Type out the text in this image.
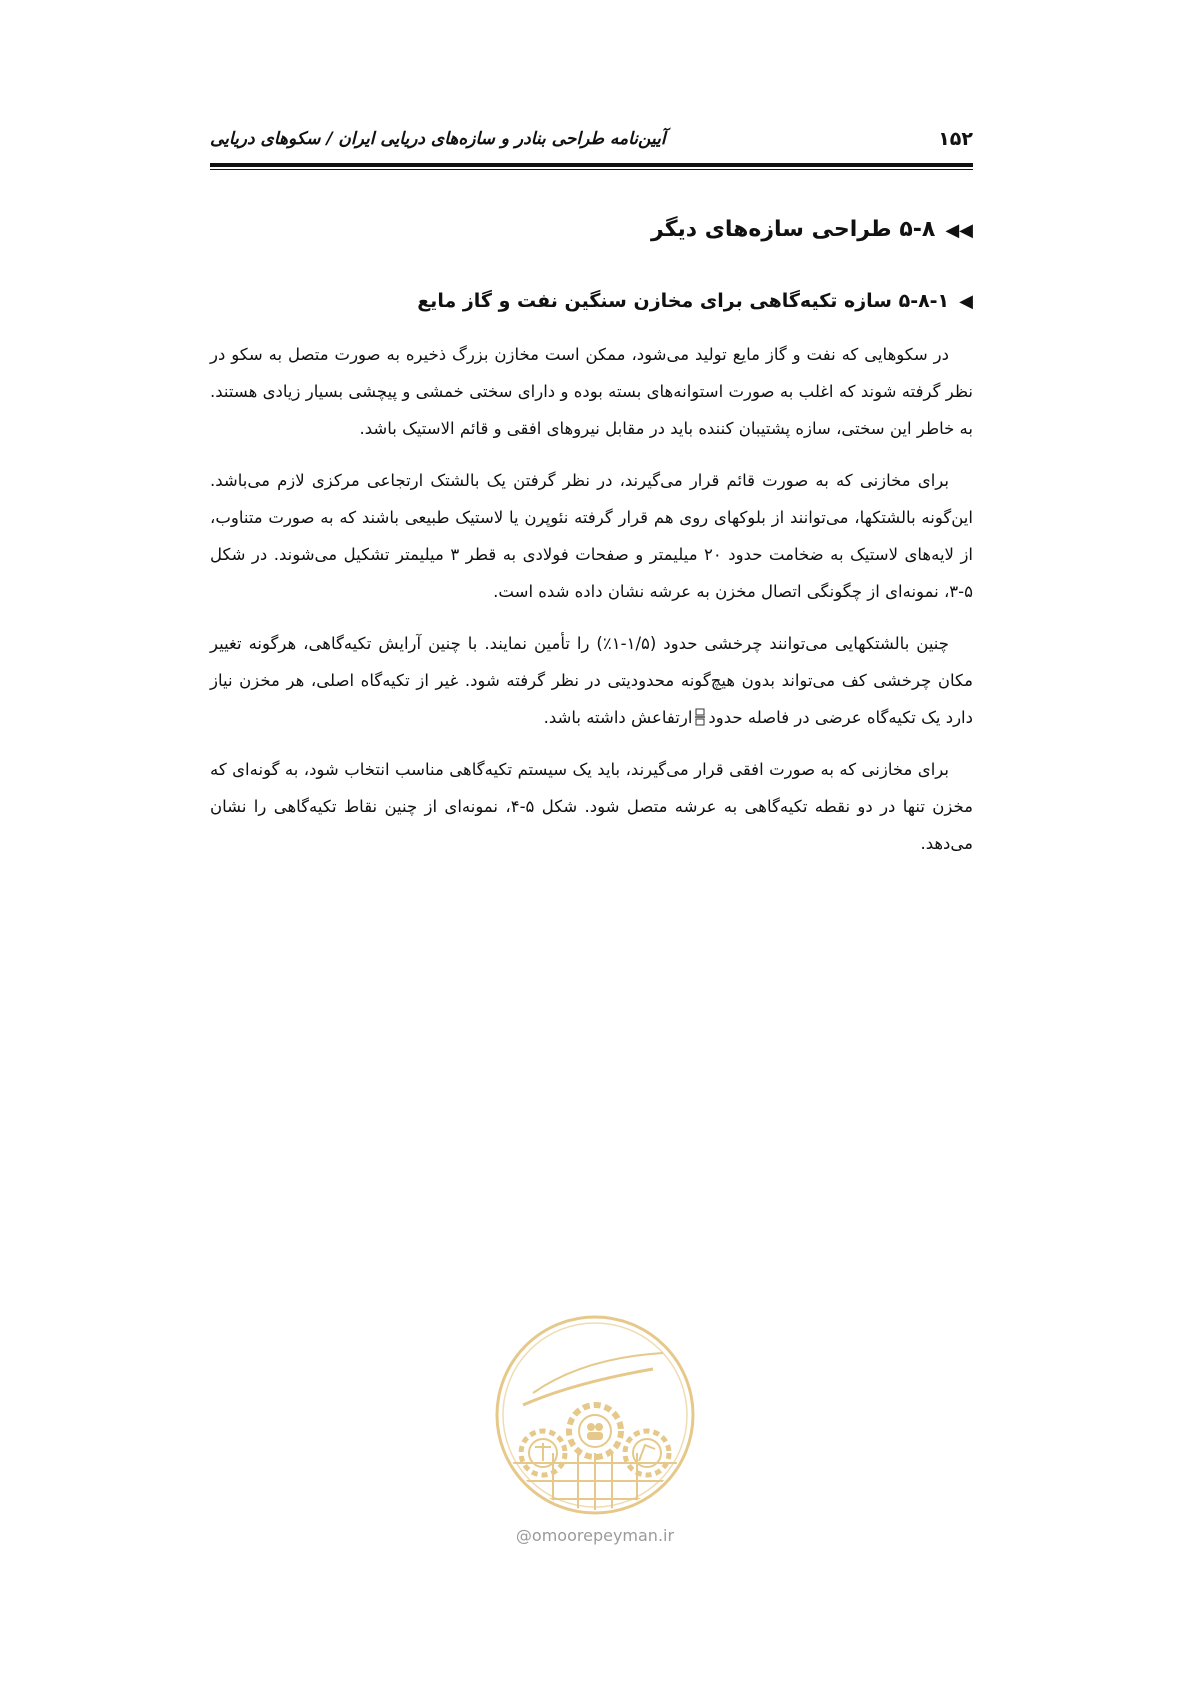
۱۵۲
آیین‌نامه طراحی بنادر و سازه‌های دریایی ایران / سکوهای دریایی
◀◀۵-۸ طراحی سازه‌های دیگر
◀۵-۸-۱ سازه تکیه‌گاهی برای مخازن سنگین نفت و گاز مایع

در سکوهایی که نفت و گاز مایع تولید می‌شود، ممکن است مخازن بزرگ ذخیره به صورت متصل به سکو در نظر گرفته شوند که اغلب به صورت استوانه‌های بسته بوده و دارای سختی خمشی و پیچشی بسیار زیادی هستند. به خاطر این سختی، سازه پشتیبان کننده باید در مقابل نیروهای افقی و قائم الاستیک باشد.

برای مخازنی که به صورت قائم قرار می‌گیرند، در نظر گرفتن یک بالشتک ارتجاعی مرکزی لازم می‌باشد. این‌گونه بالشتکها، می‌توانند از بلوکهای روی هم قرار گرفته نئوپرن یا لاستیک طبیعی باشند که به صورت متناوب، از لایه‌های لاستیک به ضخامت حدود ۲۰ میلیمتر و صفحات فولادی به قطر ۳ میلیمتر تشکیل می‌شوند. در شکل ۵-۳، نمونه‌ای از چگونگی اتصال مخزن به عرشه نشان داده شده است.

چنین بالشتکهایی می‌توانند چرخشی حدود (۱/۵-۱٪) را تأمین نمایند. با چنین آرایش تکیه‌گاهی، هرگونه تغییر مکان چرخشی کف می‌تواند بدون هیچ‌گونه محدودیتی در نظر گرفته شود. غیر از تکیه‌گاه اصلی، هر مخزن نیاز دارد یک تکیه‌گاه عرضی در فاصله حدودارتفاعش داشته باشد.

برای مخازنی که به صورت افقی قرار می‌گیرند، باید یک سیستم تکیه‌گاهی مناسب انتخاب شود، به گونه‌ای که مخزن تنها در دو نقطه تکیه‌گاهی به عرشه متصل شود. شکل ۵-۴، نمونه‌ای از چنین نقاط تکیه‌گاهی را نشان می‌دهد.

@omoorepeyman.ir
